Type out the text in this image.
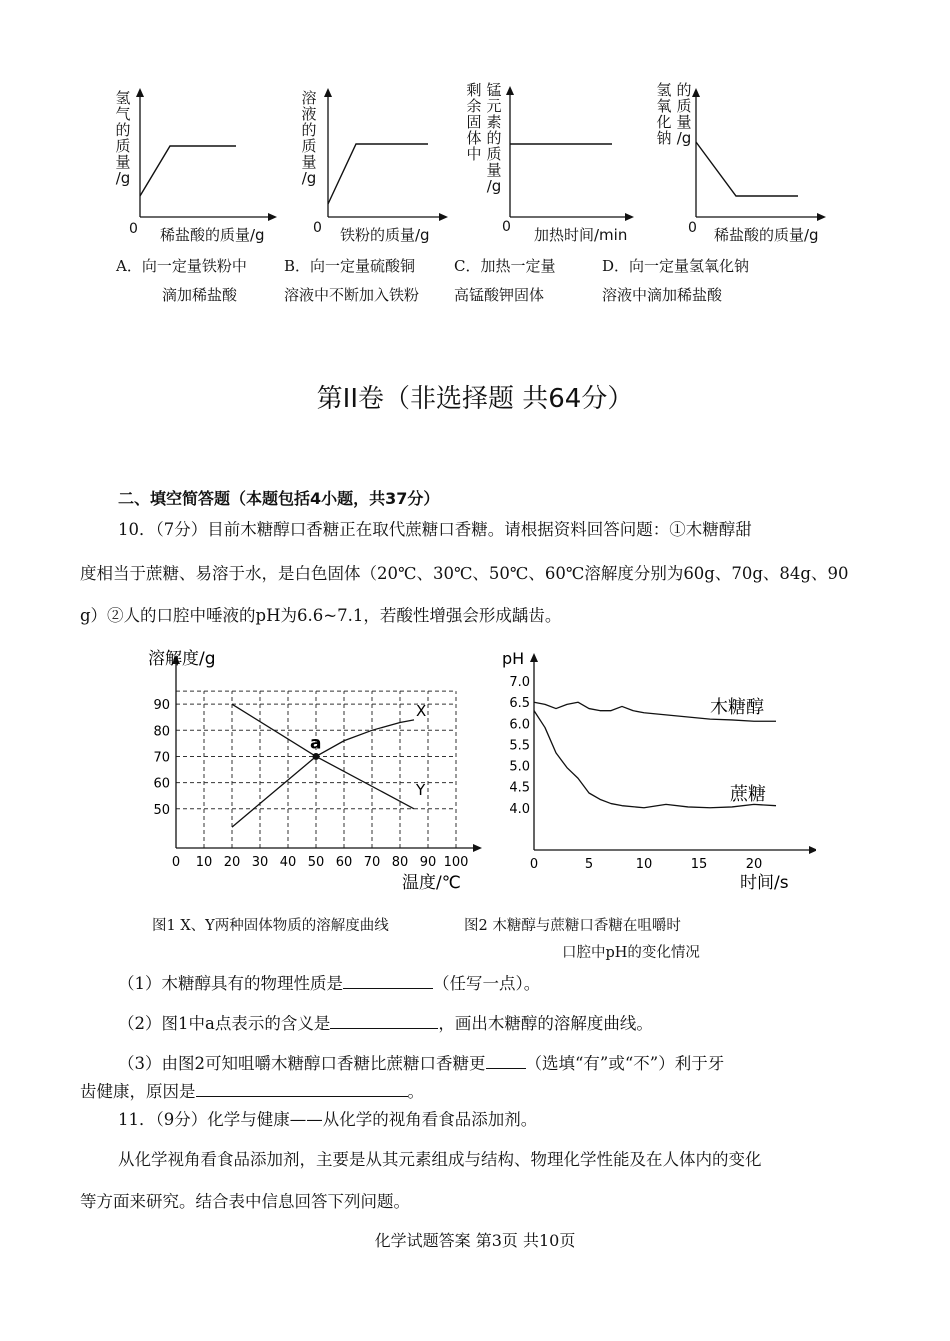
氢
气
的
质
量
/g
0 稀盐酸的质量/g
溶
液
的
质
量
/g
0 铁粉的质量/g
剩
余
固
体
中
锰
元
素
的
质
量
/g
0 加热时间/min
氢
氧
化
钠
的
质
量
/g
0 稀盐酸的质量/g
A．向一定量铁粉中
滴加稀盐酸
B．向一定量硫酸铜
溶液中不断加入铁粉
C．加热一定量
高锰酸钾固体
D．向一定量氢氧化钠
溶液中滴加稀盐酸
第II卷（非选择题 共64分）
二、填空简答题（本题包括4小题，共37分）
10．（7分）目前木糖醇口香糖正在取代蔗糖口香糖。请根据资料回答问题：①木糖醇甜
度相当于蔗糖、易溶于水，是白色固体（20℃、30℃、50℃、60℃溶解度分别为60g、70g、84g、90
g）②人的口腔中唾液的pH为6.6~7.1，若酸性增强会形成龋齿。
0 10 20 30 40 50 60 70 80 90 100
50
60
70
80
90
溶解度/g
温度/℃
X
Y
a
0	5	10	15	20
4.0
4.5
5.0
5.5
6.0
6.5
7.0
pH
时间/s
木糖醇
蔗糖
图1 X、Y两种固体物质的溶解度曲线	图2 木糖醇与蔗糖口香糖在咀嚼时
口腔中pH的变化情况
（1）木糖醇具有的物理性质是	（任写一点）。
（2）图1中a点表示的含义是	，画出木糖醇的溶解度曲线。
（3）由图2可知咀嚼木糖醇口香糖比蔗糖口香糖更 （选填“有”或“不”）利于牙
齿健康，原因是	。
11．（9分）化学与健康——从化学的视角看食品添加剂。
从化学视角看食品添加剂，主要是从其元素组成与结构、物理化学性能及在人体内的变化
等方面来研究。结合表中信息回答下列问题。
化学试题答案 第3页 共10页
